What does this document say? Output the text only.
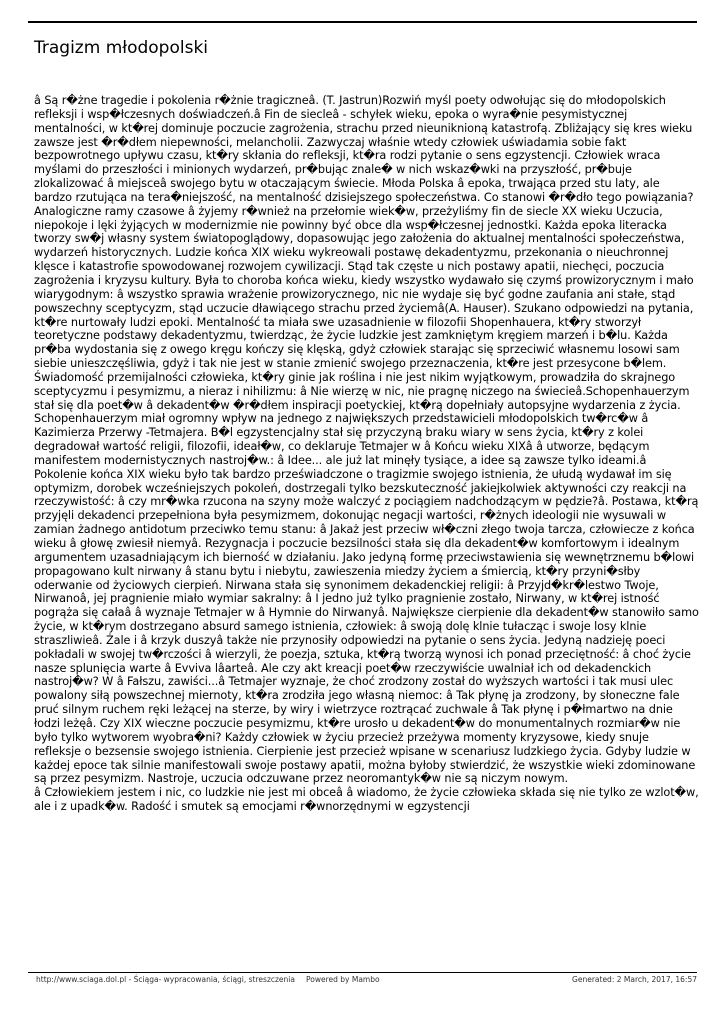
Tragizm młodopolski

â Są r�żne tragedie i pokolenia r�żnie tragiczneâ. (T. Jastrun)Rozwiń myśl poety odwołując się do młodopolskich refleksji i wsp�łczesnych doświadczeń.â Fin de siecleâ - schyłek wieku, epoka o wyra�nie pesymistycznej mentalności, w kt�rej dominuje poczucie zagrożenia, strachu przed nieuniknioną katastrofą. Zbliżający się kres wieku zawsze jest �r�dłem niepewności, melancholii. Zazwyczaj właśnie wtedy człowiek uświadamia sobie fakt bezpowrotnego upływu czasu, kt�ry skłania do refleksji, kt�ra rodzi pytanie o sens egzystencji. Człowiek wraca myślami do przeszłości i minionych wydarzeń, pr�bując znale� w nich wskaz�wki na przyszłość, pr�buje zlokalizować â miejsceâ swojego bytu w otaczającym świecie. Młoda Polska â epoka, trwająca przed stu laty, ale bardzo rzutująca na tera�niejszość, na mentalność dzisiejszego społeczeństwa. Co stanowi �r�dło tego powiązania? Analogiczne ramy czasowe â żyjemy r�wnież na przełomie wiek�w, przeżyliśmy fin de siecle XX wieku Uczucia, niepokoje i lęki żyjących w modernizmie nie powinny być obce dla wsp�łczesnej jednostki. Każda epoka literacka tworzy sw�j własny system światopoglądowy, dopasowując jego założenia do aktualnej mentalności społeczeństwa, wydarzeń historycznych. Ludzie końca XIX wieku wykreowali postawę dekadentyzmu, przekonania o nieuchronnej klęsce i katastrofie spowodowanej rozwojem cywilizacji. Stąd tak częste u nich postawy apatii, niechęci, poczucia zagrożenia i kryzysu kultury. Była to choroba końca wieku, kiedy wszystko wydawało się czymś prowizorycznym i mało wiarygodnym: â wszystko sprawia wrażenie prowizorycznego, nic nie wydaje się być godne zaufania ani stałe, stąd powszechny sceptycyzm, stąd uczucie dławiącego strachu przed życiemâ(A. Hauser). Szukano odpowiedzi na pytania, kt�re nurtowały ludzi epoki. Mentalność ta miała swe uzasadnienie w filozofii Shopenhauera, kt�ry stworzył teoretyczne podstawy dekadentyzmu, twierdząc, że życie ludzkie jest zamkniętym kręgiem marzeń i b�lu. Każda pr�ba wydostania się z owego kręgu kończy się klęską, gdyż człowiek starając się sprzeciwić własnemu losowi sam siebie unieszczęśliwia, gdyż i tak nie jest w stanie zmienić swojego przeznaczenia, kt�re jest przesycone b�lem. Świadomość przemijalności człowieka, kt�ry ginie jak roślina i nie jest nikim wyjątkowym, prowadziła do skrajnego sceptycyzmu i pesymizmu, a nieraz i nihilizmu: â Nie wierzę w nic, nie pragnę niczego na świecieâ.Schopenhauerzym stał się dla poet�w â dekadent�w �r�dłem inspiracji poetyckiej, kt�rą dopełniały autopsyjne wydarzenia z życia. Schopenhauerzym miał ogromny wpływ na jednego z największych przedstawicieli młodopolskich tw�rc�w â Kazimierza Przerwy -Tetmajera. B�l egzystencjalny stał się przyczyną braku wiary w sens życia, kt�ry z kolei degradował wartość religii, filozofii, ideał�w, co deklaruje Tetmajer w â Końcu wieku XIXâ â utworze, będącym manifestem modernistycznych nastroj�w.: â Idee... ale już lat minęły tysiące, a idee są zawsze tylko ideami.â Pokolenie końca XIX wieku było tak bardzo przeświadczone o tragizmie swojego istnienia, że ułudą wydawał im się optymizm, dorobek wcześniejszych pokoleń, dostrzegali tylko bezskuteczność jakiejkolwiek aktywności czy reakcji na rzeczywistość: â czy mr�wka rzucona na szyny może walczyć z pociągiem nadchodzącym w pędzie?â. Postawa, kt�rą przyjęli dekadenci przepełniona była pesymizmem, dokonując negacji wartości, r�żnych ideologii nie wysuwali w zamian żadnego antidotum przeciwko temu stanu: â Jakaż jest przeciw wł�czni złego twoja tarcza, człowiecze z końca wieku â głowę zwiesił niemyâ. Rezygnacja i poczucie bezsilności stała się dla dekadent�w komfortowym i idealnym argumentem uzasadniającym ich bierność w działaniu. Jako jedyną formę przeciwstawienia się wewnętrznemu b�lowi propagowano kult nirwany â stanu bytu i niebytu, zawieszenia miedzy życiem a śmiercią, kt�ry przyni�słby oderwanie od życiowych cierpień. Nirwana stała się synonimem dekadenckiej religii: â Przyjd�kr�lestwo Twoje, Nirwanoâ, jej pragnienie miało wymiar sakralny: â I jedno już tylko pragnienie zostało, Nirwany, w kt�rej istność pogrąża się całaâ â wyznaje Tetmajer w â Hymnie do Nirwanyâ. Największe cierpienie dla dekadent�w stanowiło samo życie, w kt�rym dostrzegano absurd samego istnienia, człowiek: â swoją dolę klnie tułacząc i swoje losy klnie straszliwieâ. Żale i â krzyk duszyâ także nie przynosiły odpowiedzi na pytanie o sens życia. Jedyną nadzieję poeci pokładali w swojej tw�rczości â wierzyli, że poezja, sztuka, kt�rą tworzą wynosi ich ponad przeciętność: â choć życie nasze splunięcia warte â Evviva lâarteâ. Ale czy akt kreacji poet�w rzeczywiście uwalniał ich od dekadenckich nastroj�w? W â Fałszu, zawiści...â Tetmajer wyznaje, że choć zrodzony został do wyższych wartości i tak musi ulec powalony siłą powszechnej miernoty, kt�ra zrodziła jego własną niemoc: â Tak płynę ja zrodzony, by słoneczne fale pruć silnym ruchem ręki leżącej na sterze, by wiry i wietrzyce roztrącać zuchwale â Tak płynę i p�łmartwo na dnie łodzi leżęâ. Czy XIX wieczne poczucie pesymizmu, kt�re urosło u dekadent�w do monumentalnych rozmiar�w nie było tylko wytworem wyobra�ni? Każdy człowiek w życiu przecież przeżywa momenty kryzysowe, kiedy snuje refleksje o bezsensie swojego istnienia. Cierpienie jest przecież wpisane w scenariusz ludzkiego życia. Gdyby ludzie w każdej epoce tak silnie manifestowali swoje postawy apatii, można byłoby stwierdzić, że wszystkie wieki zdominowane są przez pesymizm. Nastroje, uczucia odczuwane przez neoromantyk�w nie są niczym nowym.

â Człowiekiem jestem i nic, co ludzkie nie jest mi obceâ â wiadomo, że życie człowieka składa się nie tylko ze wzlot�w, ale i z upadk�w. Radość i smutek są emocjami r�wnorzędnymi w egzystencji

http://www.sciaga.dol.pl - Ściąga- wypracowania, ściągi, streszczenia Powered by Mambo	Generated: 2 March, 2017, 16:57
